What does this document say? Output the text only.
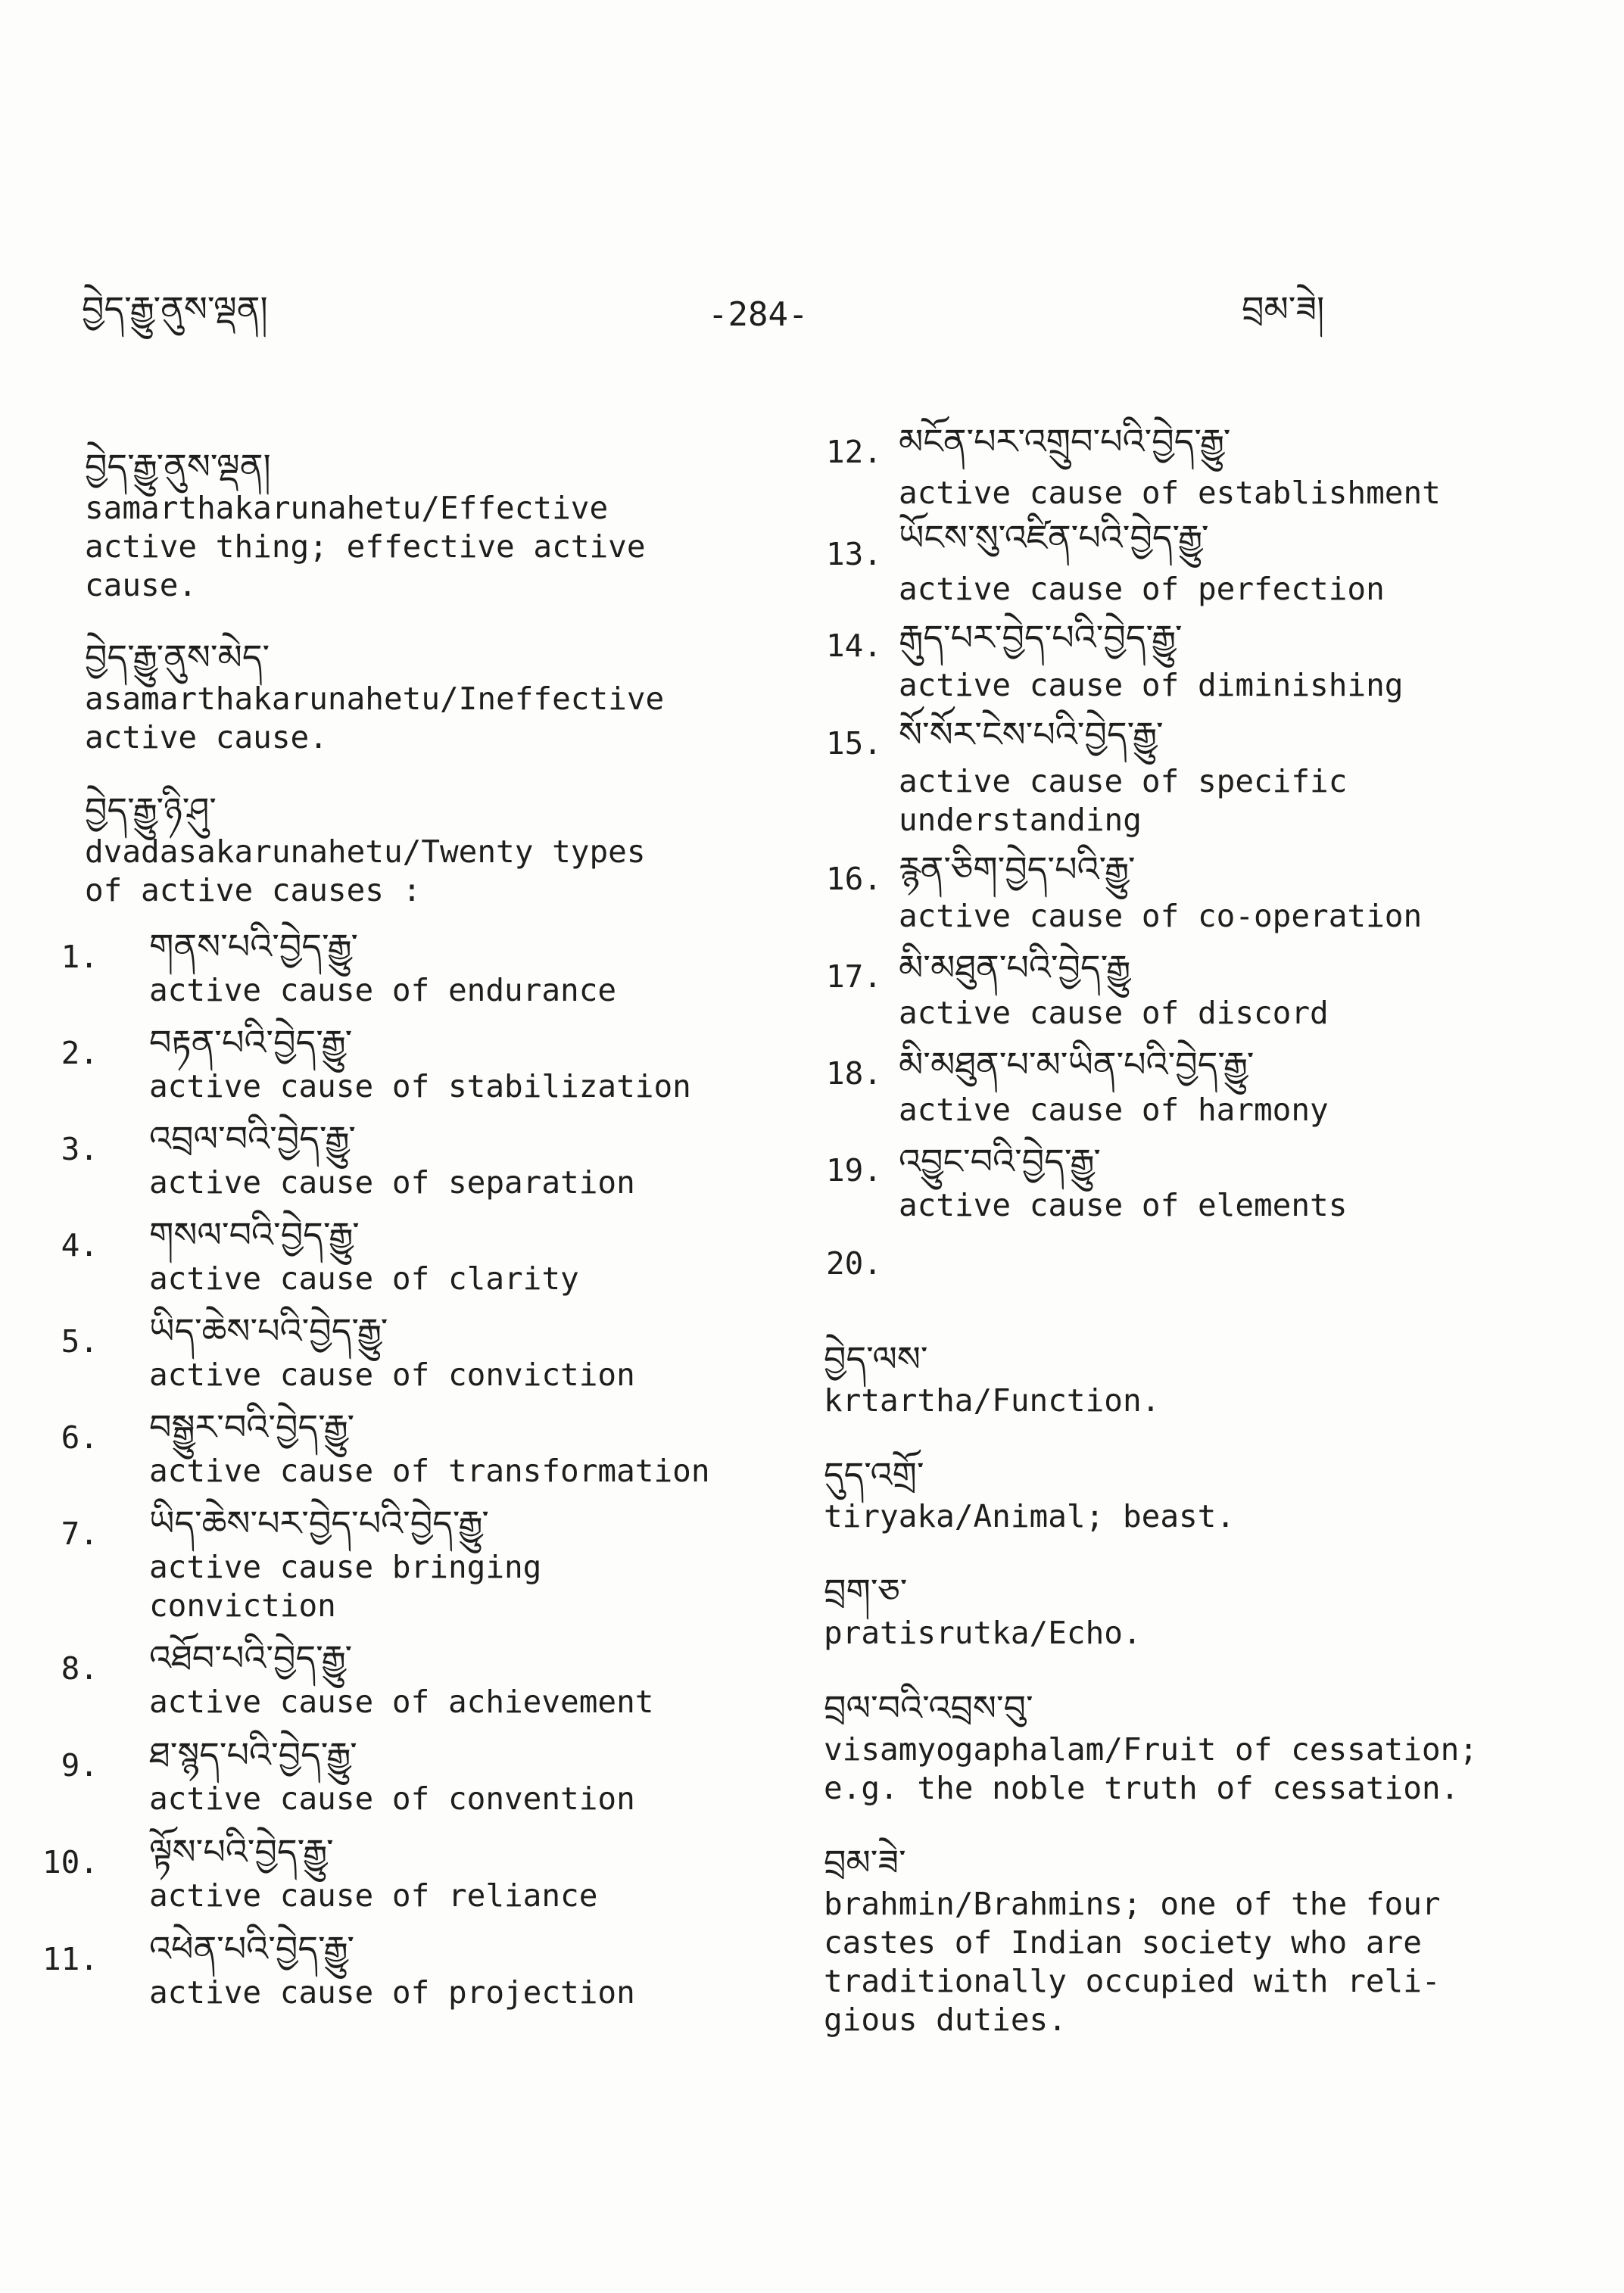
བྱེད་རྒྱུ་ནུས་ལྡན།	-284-	བྲམ་ཟེ།
བྱེད་རྒྱུ་ནུས་ལྡན།
samarthakarunahetu/Effective
active thing; effective active
cause.
བྱེད་རྒྱུ་ནུས་མེད་
asamarthakarunahetu/Ineffective
active cause.
བྱེད་རྒྱུ་ཉི་ཤུ་
dvadasakarunahetu/Twenty types
of active causes :
1. གནས་པའི་བྱེད་རྒྱུ་
active cause of endurance
2. བརྟན་པའི་བྱེད་རྒྱུ་
active cause of stabilization
3. འབྲལ་བའི་བྱེད་རྒྱུ་
active cause of separation
4. གསལ་བའི་བྱེད་རྒྱུ་
active cause of clarity
5. ཡིད་ཆེས་པའི་བྱེད་རྒྱུ་
active cause of conviction
6. བསྒྱུར་བའི་བྱེད་རྒྱུ་
active cause of transformation
7. ཡིད་ཆེས་པར་བྱེད་པའི་བྱེད་རྒྱུ་
active cause bringing
conviction
8. འཐོབ་པའི་བྱེད་རྒྱུ་
active cause of achievement
9. ཐ་སྙད་པའི་བྱེད་རྒྱུ་
active cause of convention
10. ལྟོས་པའི་བྱེད་རྒྱུ་
active cause of reliance
11. འཕེན་པའི་བྱེད་རྒྱུ་
active cause of projection
12. མངོན་པར་འགྲུབ་པའི་བྱེད་རྒྱུ་
active cause of establishment
13. ཡོངས་སུ་འཛིན་པའི་བྱེད་རྒྱུ་
active cause of perfection
14. རྒུད་པར་བྱེད་པའི་བྱེད་རྒྱུ་
active cause of diminishing
15. སོ་སོར་ངེས་པའི་བྱེད་རྒྱུ་
active cause of specific
understanding
16. རྙན་ཅིག་བྱེད་པའི་རྒྱུ་
active cause of co-operation
17. མི་མཐུན་པའི་བྱེད་རྒྱུ
active cause of discord
18. མི་མཐུན་པ་མ་ཡིན་པའི་བྱེད་རྒྱུ་
active cause of harmony
19. འབྱུང་བའི་བྱེད་རྒྱུ་
active cause of elements
20.
བྱེད་ལས་
krtartha/Function.
དུད་འགྲོ་
tiryaka/Animal; beast.
བྲག་ཅ་
pratisrutka/Echo.
བྲལ་བའི་འབྲས་བུ་
visamyogaphalam/Fruit of cessation;
e.g. the noble truth of cessation.
བྲམ་ཟེ་
brahmin/Brahmins; one of the four
castes of Indian society who are
traditionally occupied with reli-
gious duties.
